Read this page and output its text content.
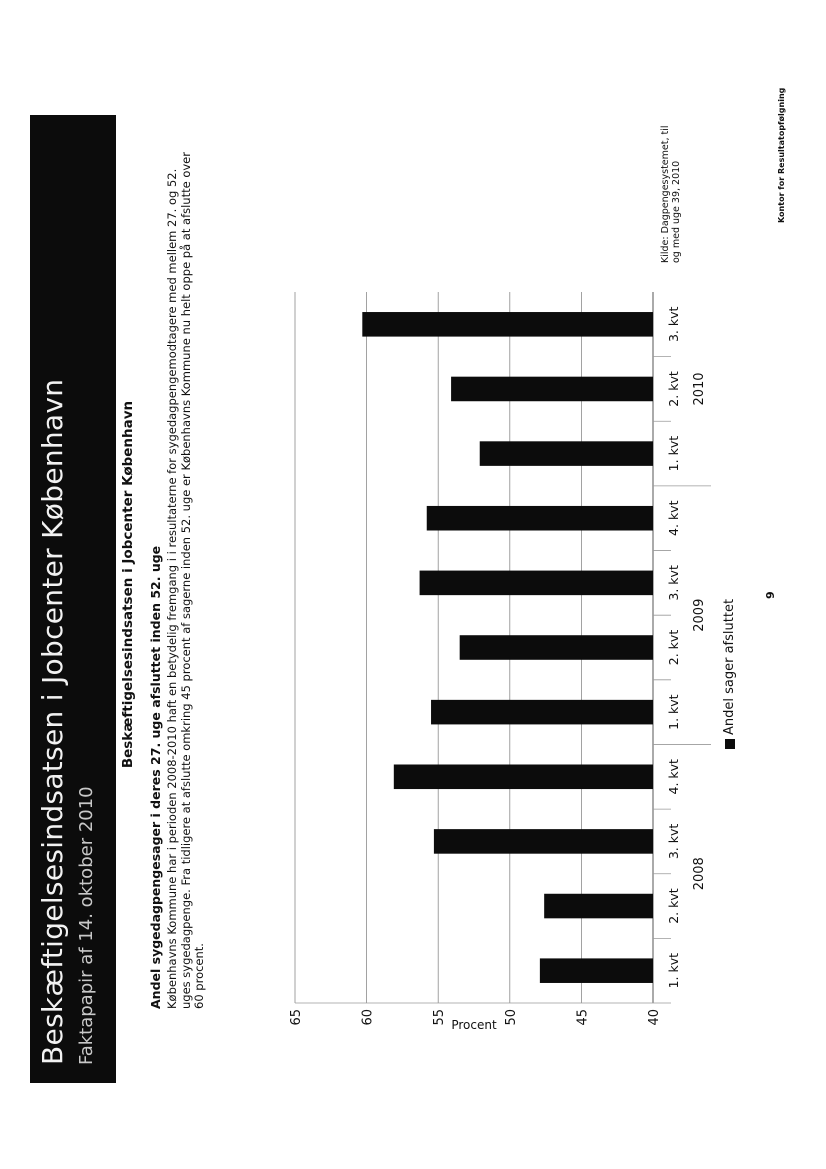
Beskæftigelsesindsatsen i Jobcenter København Faktapapir af 14. oktober 2010
Beskæftigelsesindsatsen i Jobcenter København Andel sygedagpengesager i deres 27. uge afsluttet inden 52. uge Københavns Kommune har i perioden 2008-2010 haft en betydelig fremgang i i resultaterne for sygedagpengemodtagere med mellem 27. og 52. uges sygedagpenge. Fra tidligere at afslutte omkring 45 procent af sagerne inden 52. uge er Københavns Kommune nu helt oppe på at afslutte over 60 procent.
40
45
50
55
60
65
1. kvt
2. kvt
3. kvt
4. kvt
1. kvt
2. kvt
3. kvt
4. kvt
1. kvt
2. kvt
3. kvt
2008
2009
2010
Procent
Andel sager afsluttet
Kilde: Dagpengesystemet, til og med uge 39, 2010
9
Kontor for Resultatopfølgning
